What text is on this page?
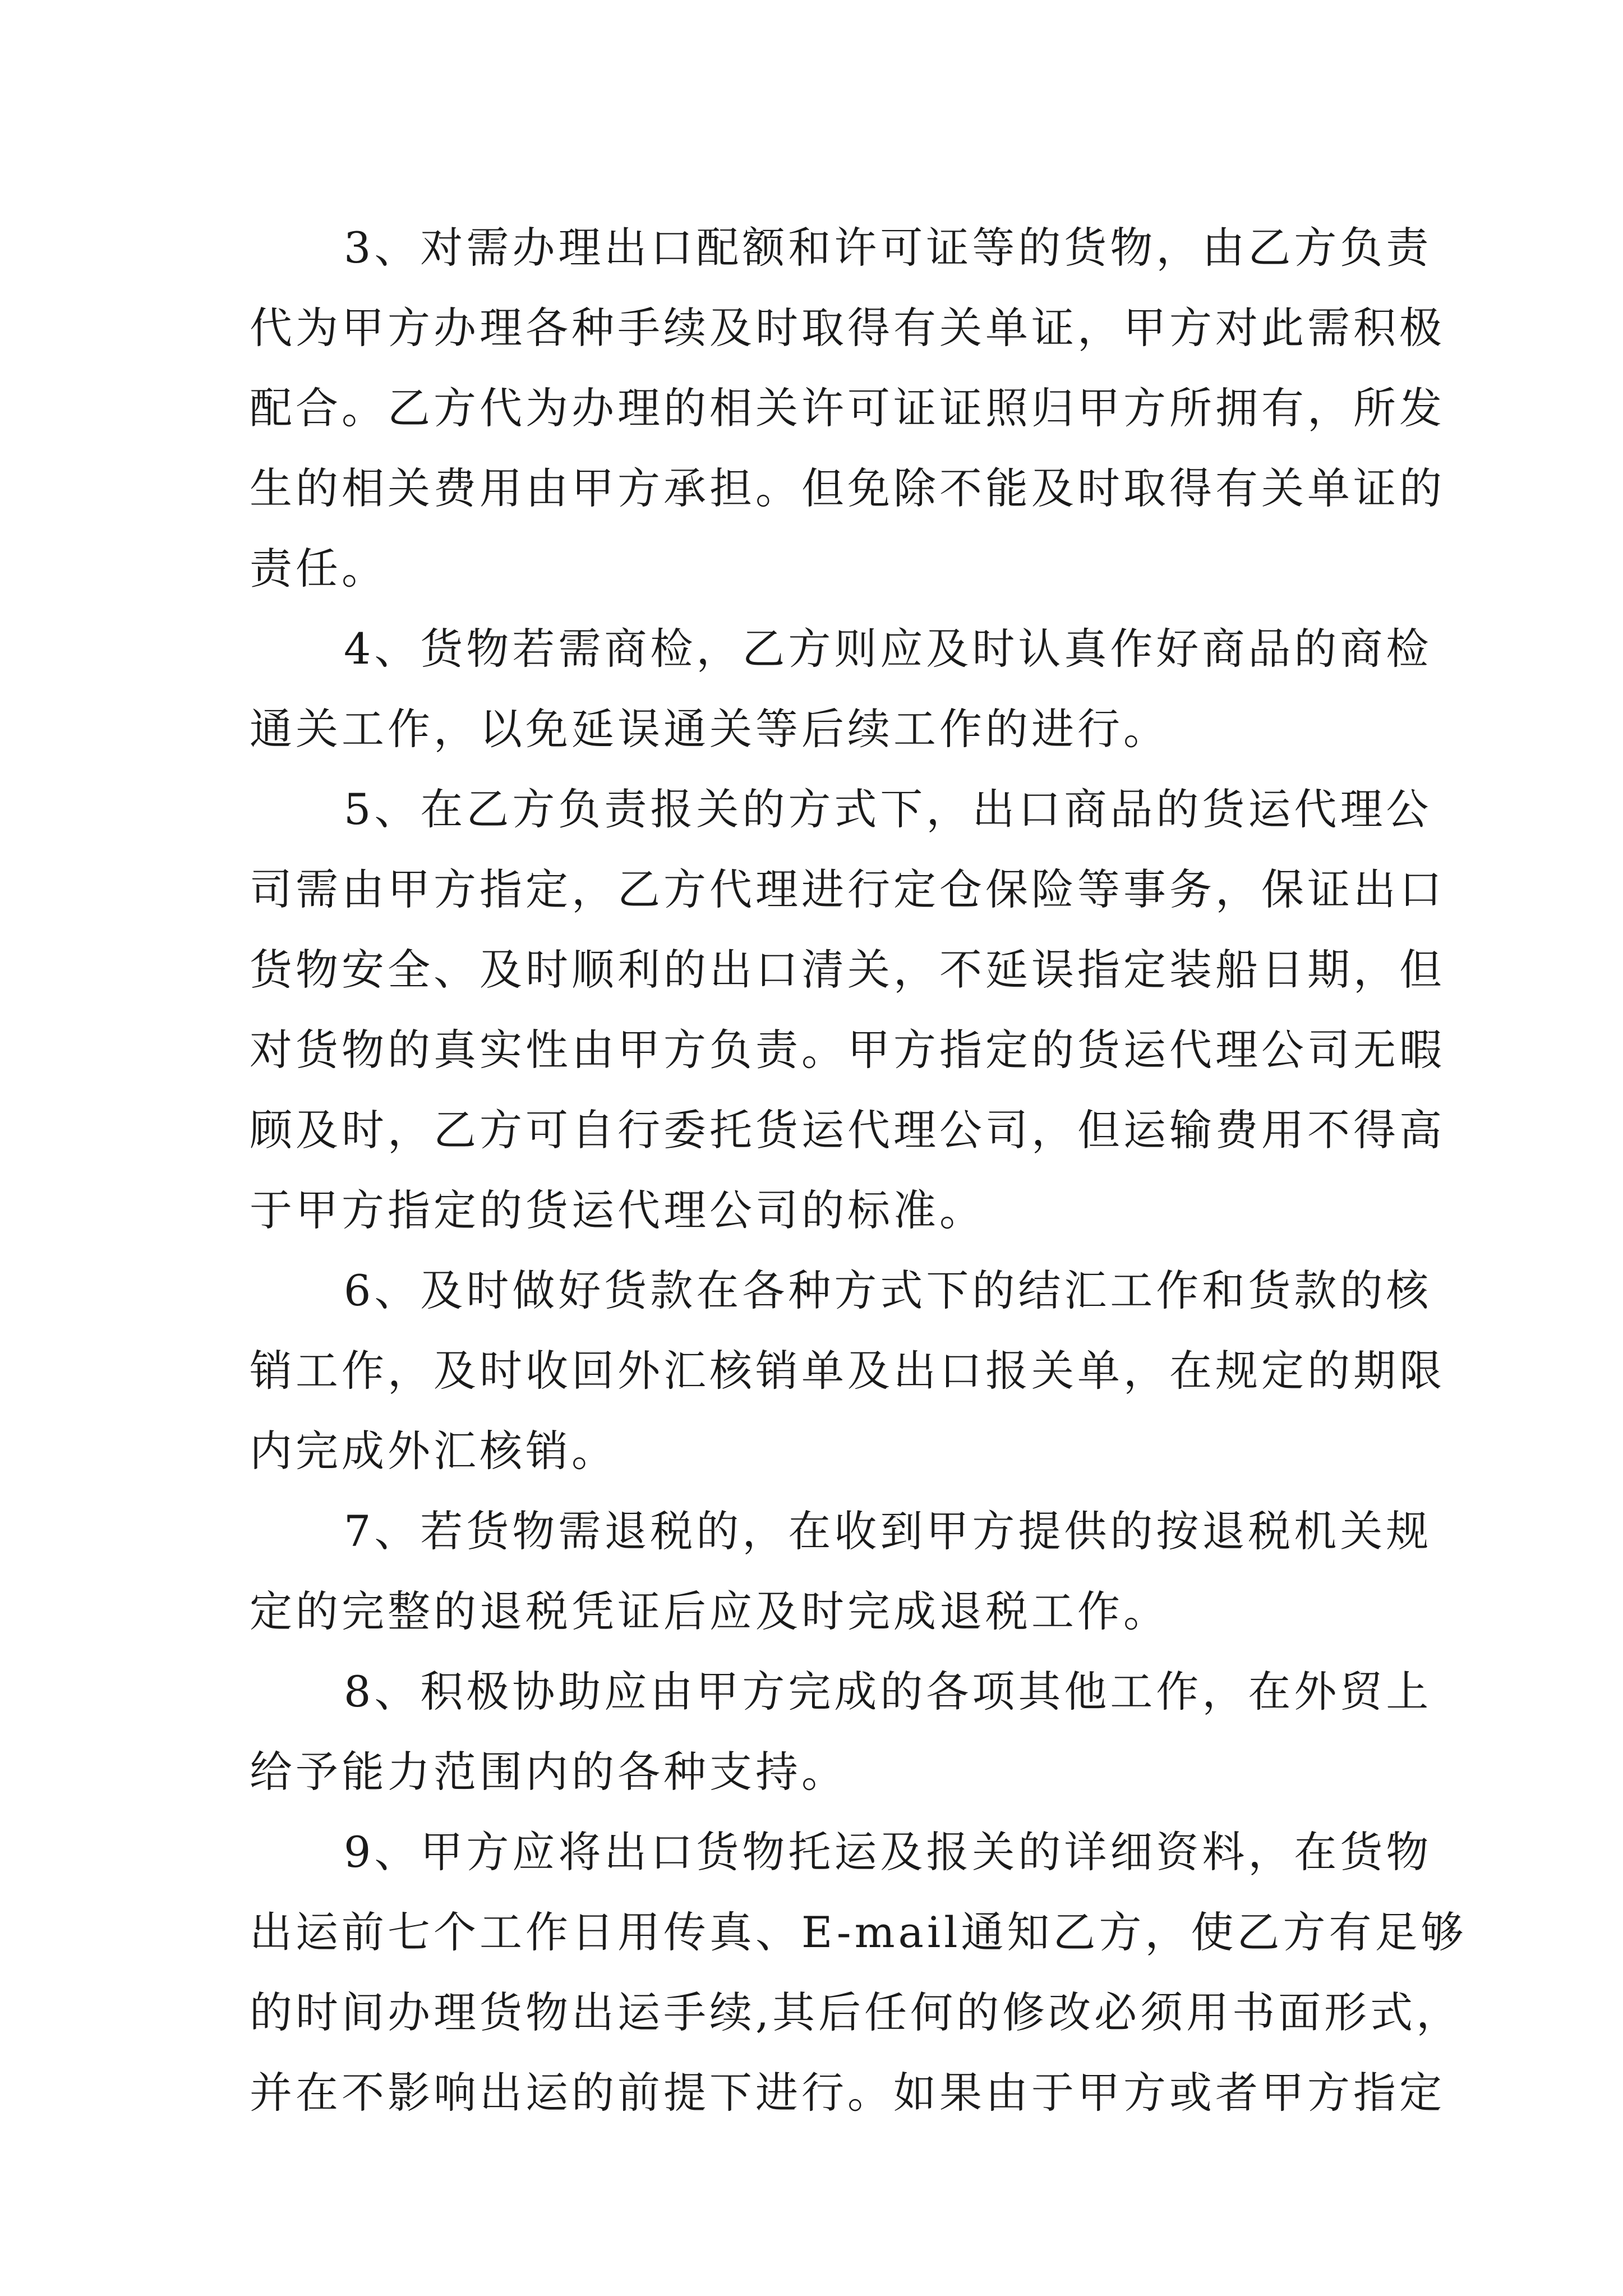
3、对需办理出口配额和许可证等的货物，由乙方负责
代为甲方办理各种手续及时取得有关单证，甲方对此需积极
配合。乙方代为办理的相关许可证证照归甲方所拥有，所发
生的相关费用由甲方承担。但免除不能及时取得有关单证的
责任。

4、货物若需商检，乙方则应及时认真作好商品的商检
通关工作，以免延误通关等后续工作的进行。

5、在乙方负责报关的方式下，出口商品的货运代理公
司需由甲方指定，乙方代理进行定仓保险等事务，保证出口
货物安全、及时顺利的出口清关，不延误指定装船日期，但
对货物的真实性由甲方负责。甲方指定的货运代理公司无暇
顾及时，乙方可自行委托货运代理公司，但运输费用不得高
于甲方指定的货运代理公司的标准。

6、及时做好货款在各种方式下的结汇工作和货款的核
销工作，及时收回外汇核销单及出口报关单，在规定的期限
内完成外汇核销。

7、若货物需退税的，在收到甲方提供的按退税机关规
定的完整的退税凭证后应及时完成退税工作。

8、积极协助应由甲方完成的各项其他工作，在外贸上
给予能力范围内的各种支持。

9、甲方应将出口货物托运及报关的详细资料，在货物
出运前七个工作日用传真、E-mail通知乙方，使乙方有足够
的时间办理货物出运手续,其后任何的修改必须用书面形式，
并在不影响出运的前提下进行。如果由于甲方或者甲方指定
